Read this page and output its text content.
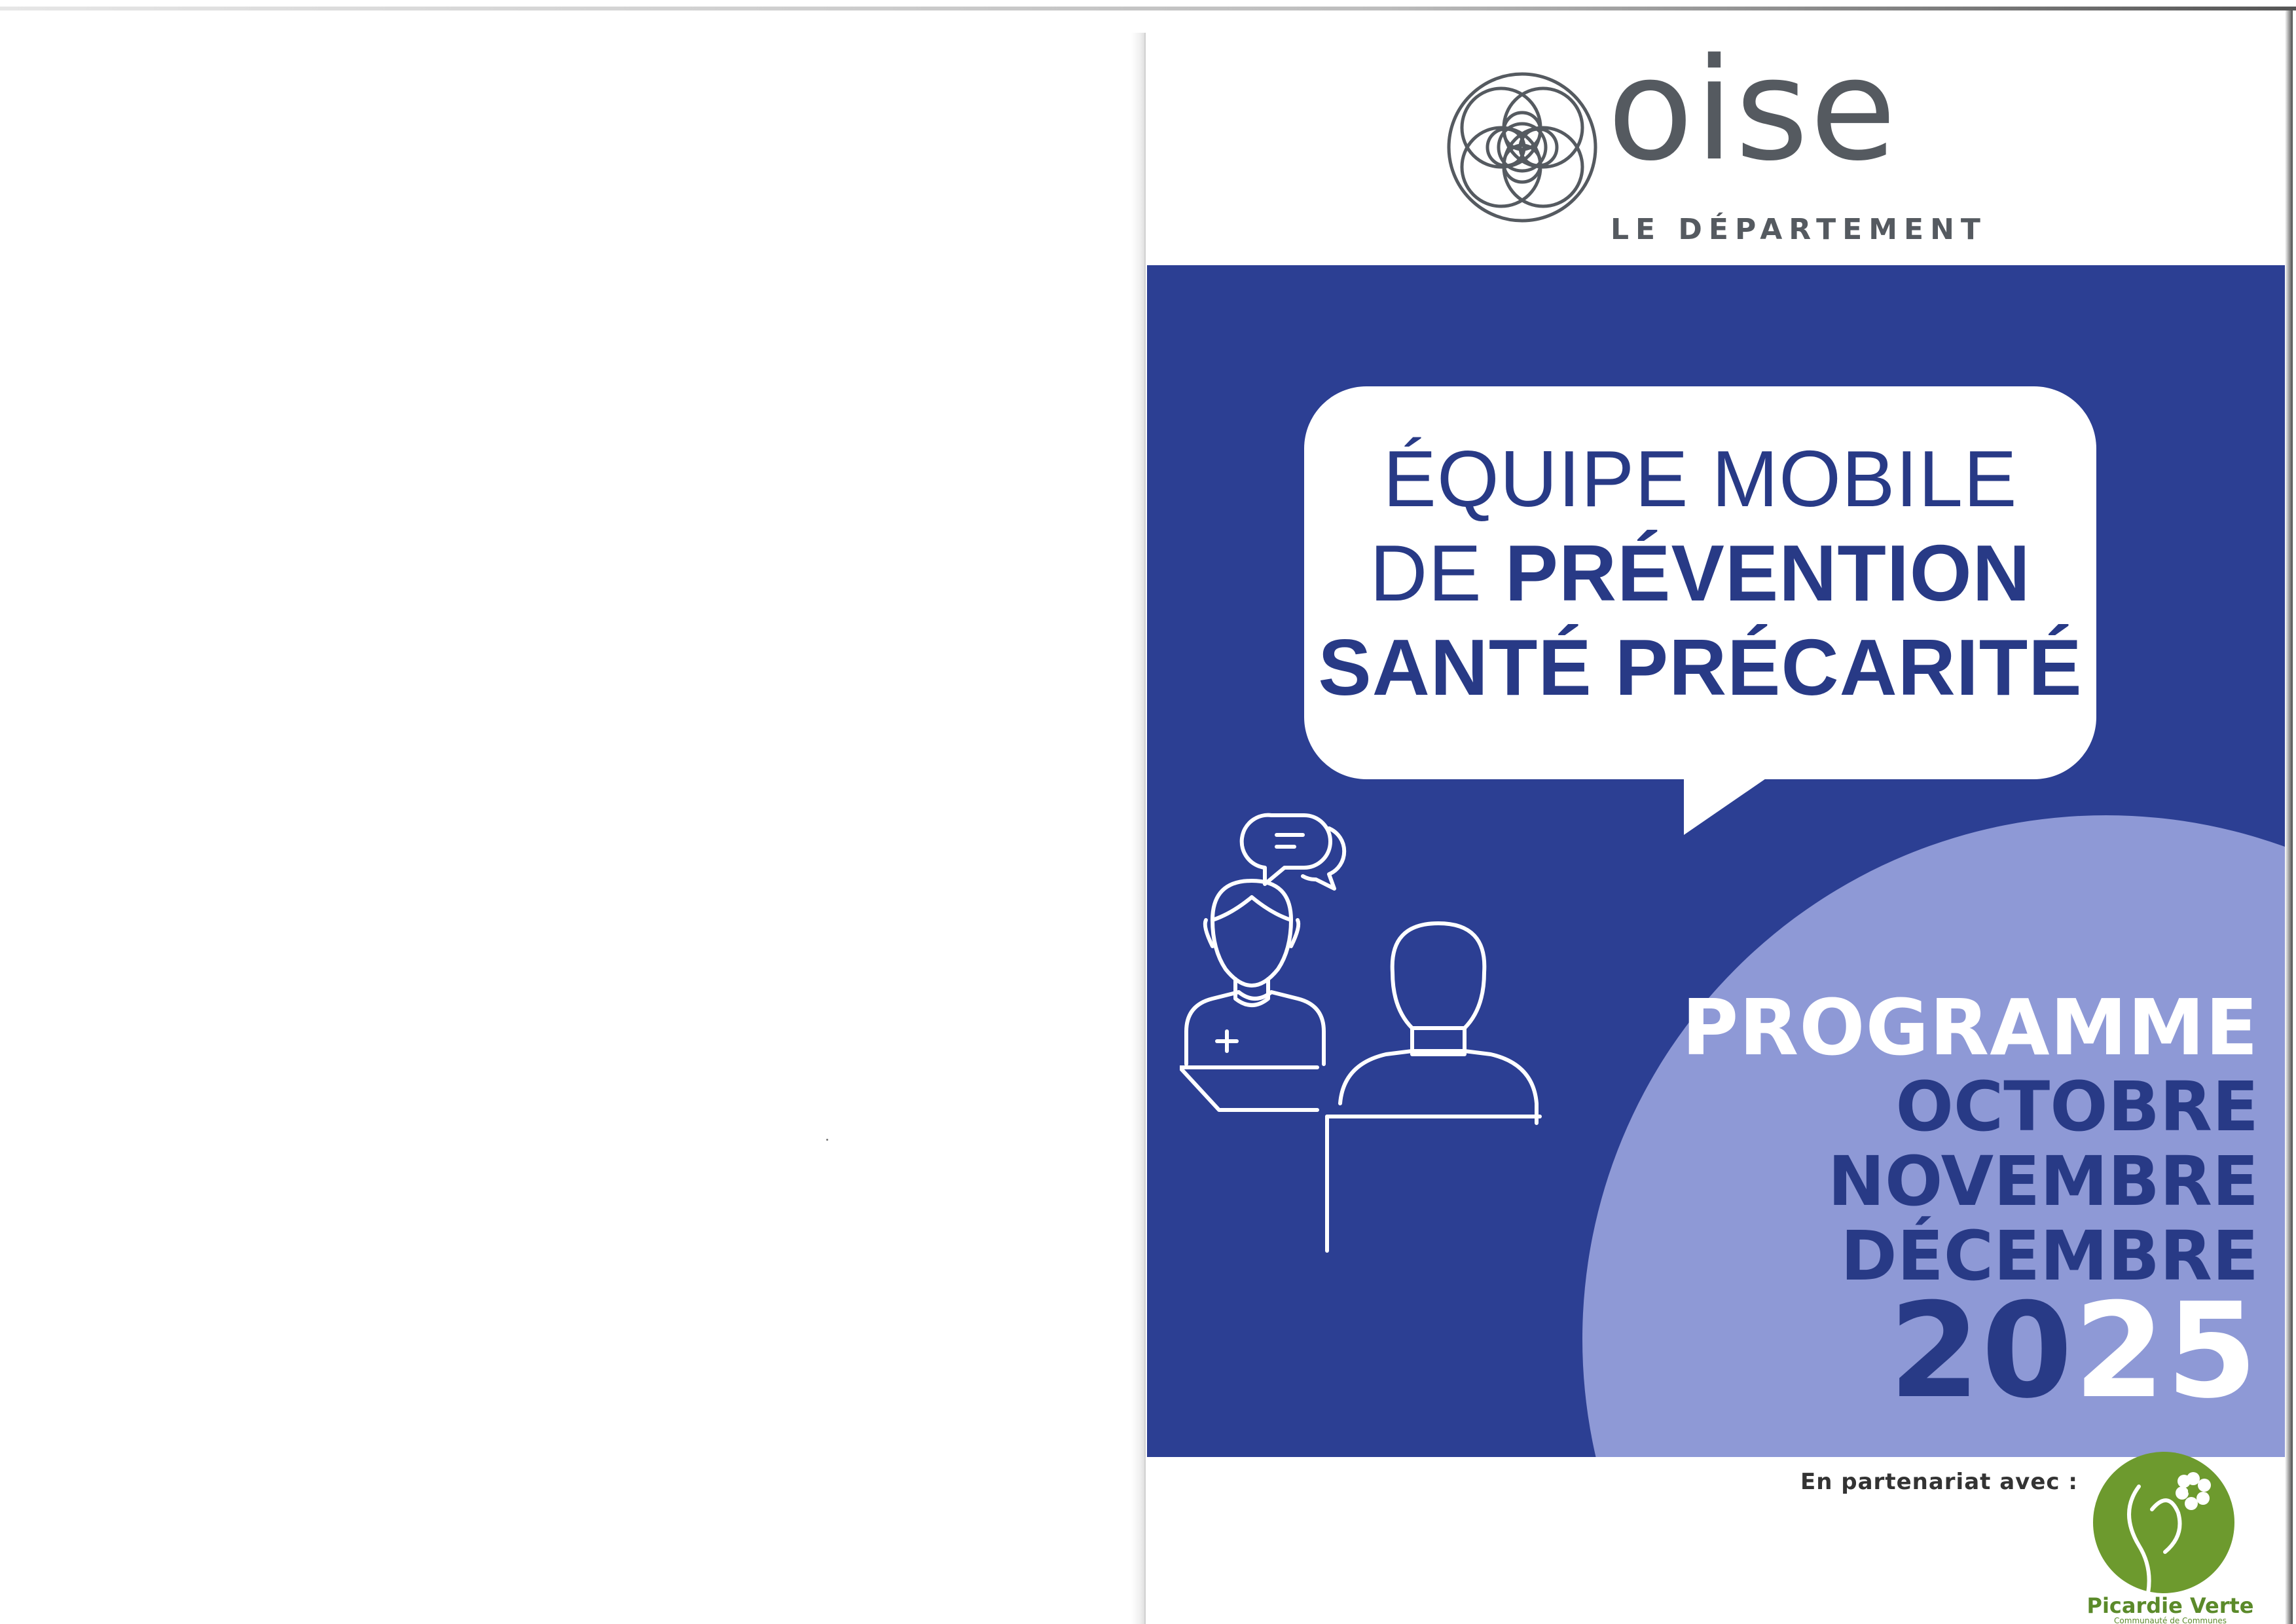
oise
LE DÉPARTEMENT
ÉQUIPE MOBILE
DE PRÉVENTION
SANTÉ PRÉCARITÉ
PROGRAMME
OCTOBRE
NOVEMBRE
DÉCEMBRE
2025
En partenariat avec :
Picardie Verte
Communauté de Communes
